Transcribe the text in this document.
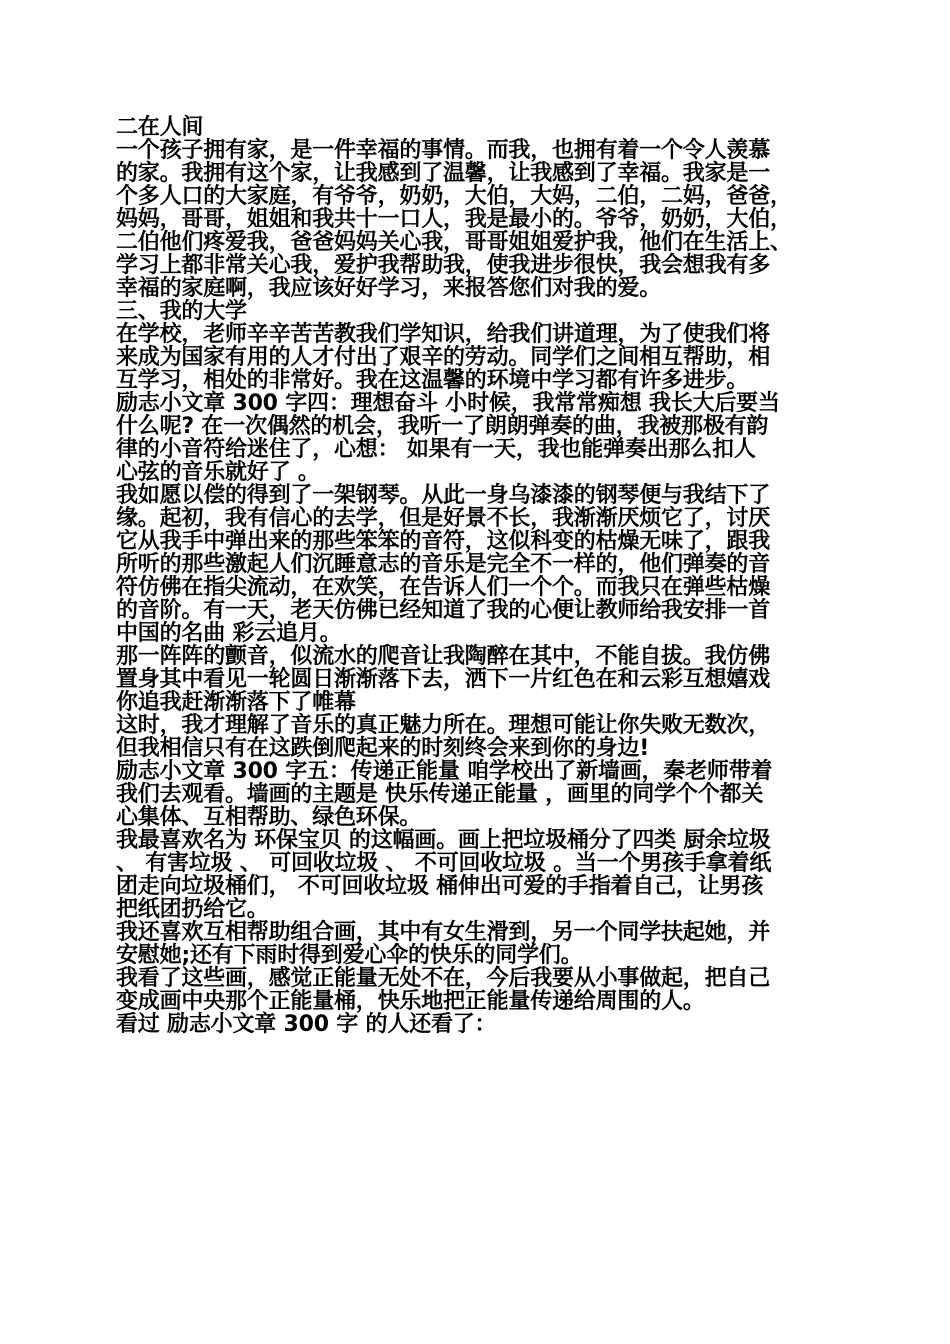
二在人间
一个孩子拥有家，是一件幸福的事情。而我，也拥有着一个令人羡慕
的家。我拥有这个家，让我感到了温馨，让我感到了幸福。我家是一
个多人口的大家庭，有爷爷，奶奶，大伯，大妈，二伯，二妈，爸爸，
妈妈，哥哥，姐姐和我共十一口人，我是最小的。爷爷，奶奶，大伯，
二伯他们疼爱我，爸爸妈妈关心我，哥哥姐姐爱护我，他们在生活上、
学习上都非常关心我，爱护我帮助我，使我进步很快，我会想我有多
幸福的家庭啊，我应该好好学习，来报答您们对我的爱。
三、我的大学
在学校，老师辛辛苦苦教我们学知识，给我们讲道理，为了使我们将
来成为国家有用的人才付出了艰辛的劳动。同学们之间相互帮助，相
互学习，相处的非常好。我在这温馨的环境中学习都有许多进步。
励志小文章 300 字四：理想奋斗 小时候，我常常痴想 我长大后要当
什么呢? 在一次偶然的机会，我听一了朗朗弹奏的曲，我被那极有韵
律的小音符给迷住了，心想： 如果有一天，我也能弹奏出那么扣人
心弦的音乐就好了 。
我如愿以偿的得到了一架钢琴。从此一身乌漆漆的钢琴便与我结下了
缘。起初，我有信心的去学，但是好景不长，我渐渐厌烦它了，讨厌
它从我手中弹出来的那些笨笨的音符，这似科变的枯燥无味了，跟我
所听的那些激起人们沉睡意志的音乐是完全不一样的，他们弹奏的音
符仿佛在指尖流动，在欢笑，在告诉人们一个个。而我只在弹些枯燥
的音阶。有一天，老天仿佛已经知道了我的心便让教师给我安排一首
中国的名曲 彩云追月。
那一阵阵的颤音，似流水的爬音让我陶醉在其中，不能自拔。我仿佛
置身其中看见一轮圆日渐渐落下去，洒下一片红色在和云彩互想嬉戏
你追我赶渐渐落下了帷幕
这时，我才理解了音乐的真正魅力所在。理想可能让你失败无数次，
但我相信只有在这跌倒爬起来的时刻终会来到你的身边!
励志小文章 300 字五：传递正能量 咱学校出了新墙画，秦老师带着
我们去观看。墙画的主题是 快乐传递正能量 ，画里的同学个个都关
心集体、互相帮助、绿色环保。
我最喜欢名为 环保宝贝 的这幅画。画上把垃圾桶分了四类 厨余垃圾
、 有害垃圾 、 可回收垃圾 、 不可回收垃圾 。当一个男孩手拿着纸
团走向垃圾桶们， 不可回收垃圾 桶伸出可爱的手指着自己，让男孩
把纸团扔给它。
我还喜欢互相帮助组合画，其中有女生滑到，另一个同学扶起她，并
安慰她;还有下雨时得到爱心伞的快乐的同学们。
我看了这些画，感觉正能量无处不在，今后我要从小事做起，把自己
变成画中央那个正能量桶，快乐地把正能量传递给周围的人。
看过 励志小文章 300 字 的人还看了：
